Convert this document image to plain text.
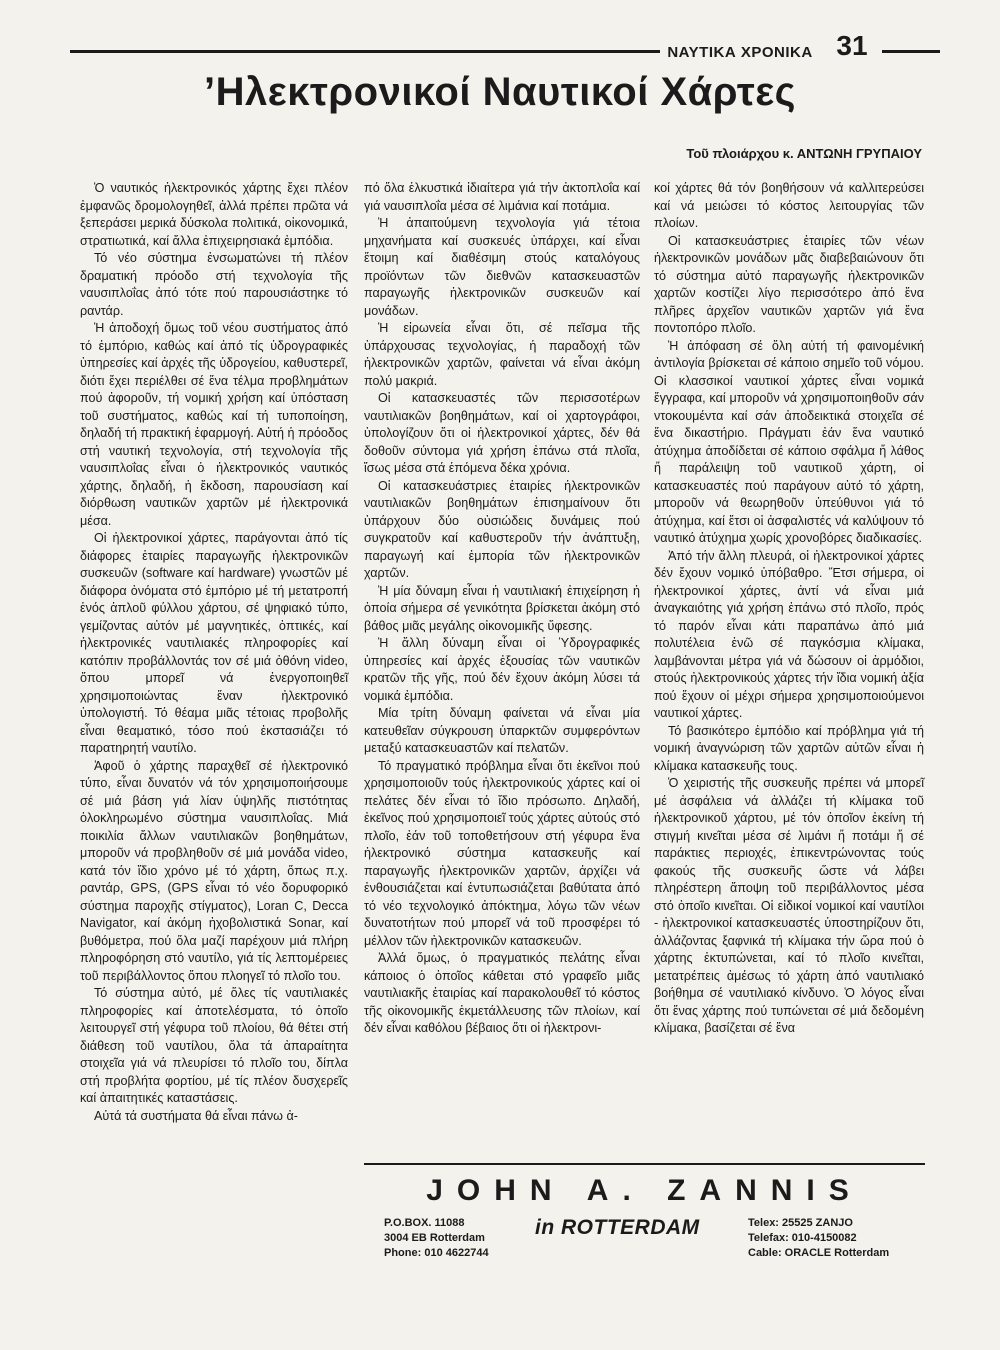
ΝΑΥΤΙΚΑ ΧΡΟΝΙΚΑ 31
’Ηλεκτρονικοί Ναυτικοί Χάρτες
Τοῦ πλοιάρχου κ. ΑΝΤΩΝΗ ΓΡΥΠΑΙΟΥ

Ὁ ναυτικός ἠλεκτρονικός χάρτης ἔχει πλέον ἐμφανῶς δρομολογηθεῖ, ἀλλά πρέπει πρῶτα νά ξεπεράσει μερικά δύσκολα πολιτικά, οἰκονομικά, στρατιωτικά, καί ἄλλα ἐπιχειρησιακά ἐμπόδια.

Τό νέο σύστημα ἐνσωματώνει τή πλέον δραματική πρόοδο στή τεχνολογία τῆς ναυσιπλοΐας ἀπό τότε πού παρουσιάστηκε τό ραντάρ.

Ἡ ἀποδοχή ὅμως τοῦ νέου συστήματος ἀπό τό ἐμπόριο, καθώς καί ἀπό τίς ὑδρογραφικές ὑπηρεσίες καί ἀρχές τῆς ὑδρογείου, καθυστερεῖ, διότι ἔχει περιέλθει σέ ἕνα τέλμα προβλημάτων πού ἀφοροῦν, τή νομική χρήση καί ὑπόσταση τοῦ συστήματος, καθώς καί τή τυποποίηση, δηλαδή τή πρακτική ἐφαρμογή. Αὐτή ἡ πρόοδος στή ναυτική τεχνολογία, στή τεχνολογία τῆς ναυσιπλοΐας εἶναι ὁ ἠλεκτρονικός ναυτικός χάρτης, δηλαδή, ἡ ἔκδοση, παρουσίαση καί διόρθωση ναυτικῶν χαρτῶν μέ ἠλεκτρονικά μέσα.

Οἱ ἠλεκτρονικοί χάρτες, παράγονται ἀπό τίς διάφορες ἑταιρίες παραγωγῆς ἠλεκτρονικῶν συσκευῶν (software καί hardware) γνωστῶν μέ διάφορα ὀνόματα στό ἐμπόριο μέ τή μετατροπή ἑνός ἁπλοῦ φύλλου χάρτου, σέ ψηφιακό τύπο, γεμίζοντας αὐτόν μέ μαγνητικές, ὀπτικές, καί ἠλεκτρονικές ναυτιλιακές πληροφορίες καί κατόπιν προβάλλοντάς τον σέ μιά ὀθόνη video, ὅπου μπορεῖ νά ἐνεργοποιηθεῖ χρησιμοποιώντας ἕναν ἠλεκτρονικό ὑπολογιστή. Τό θέαμα μιᾶς τέτοιας προβολῆς εἶναι θεαματικό, τόσο πού ἐκστασιάζει τό παρατηρητή ναυτίλο.

Ἀφοῦ ὁ χάρτης παραχθεῖ σέ ἠλεκτρονικό τύπο, εἶναι δυνατόν νά τόν χρησιμοποιήσουμε σέ μιά βάση γιά λίαν ὑψηλῆς πιστότητας ὁλοκληρωμένο σύστημα ναυσιπλοΐας. Μιά ποικιλία ἄλλων ναυτιλιακῶν βοηθημάτων, μποροῦν νά προβληθοῦν σέ μιά μονάδα video, κατά τόν ἴδιο χρόνο μέ τό χάρτη, ὅπως π.χ. ραντάρ, GPS, (GPS εἶναι τό νέο δορυφορικό σύστημα παροχῆς στίγματος), Loran C, Decca Navigator, καί ἀκόμη ἠχοβολιστικά Sonar, καί βυθόμετρα, πού ὅλα μαζί παρέχουν μιά πλήρη πληροφόρηση στό ναυτίλο, γιά τίς λεπτομέρειες τοῦ περιβάλλοντος ὅπου πλοηγεῖ τό πλοῖο του.

Τό σύστημα αὐτό, μέ ὅλες τίς ναυτιλιακές πληροφορίες καί ἀποτελέσματα, τό ὁποῖο λειτουργεῖ στή γέφυρα τοῦ πλοίου, θά θέτει στή διάθεση τοῦ ναυτίλου, ὅλα τά ἀπαραίτητα στοιχεῖα γιά νά πλευρίσει τό πλοῖο του, δίπλα στή προβλήτα φορτίου, μέ τίς πλέον δυσχερεῖς καί ἀπαιτητικές καταστάσεις.

Αὐτά τά συστήματα θά εἶναι πάνω ἀ-

πό ὅλα ἑλκυστικά ἰδιαίτερα γιά τήν ἀκτοπλοΐα καί γιά ναυσιπλοΐα μέσα σέ λιμάνια καί ποτάμια.

Ἡ ἀπαιτούμενη τεχνολογία γιά τέτοια μηχανήματα καί συσκευές ὑπάρχει, καί εἶναι ἕτοιμη καί διαθέσιμη στούς καταλόγους προϊόντων τῶν διεθνῶν κατασκευαστῶν παραγωγῆς ἠλεκτρονικῶν συσκευῶν καί μονάδων.

Ἡ εἰρωνεία εἶναι ὅτι, σέ πεῖσμα τῆς ὑπάρχουσας τεχνολογίας, ἡ παραδοχή τῶν ἠλεκτρονικῶν χαρτῶν, φαίνεται νά εἶναι ἀκόμη πολύ μακριά.

Οἱ κατασκευαστές τῶν περισσοτέρων ναυτιλιακῶν βοηθημάτων, καί οἱ χαρτογράφοι, ὑπολογίζουν ὅτι οἱ ἠλεκτρονικοί χάρτες, δέν θά δοθοῦν σύντομα γιά χρήση ἐπάνω στά πλοῖα, ἴσως μέσα στά ἑπόμενα δέκα χρόνια.

Οἱ κατασκευάστριες ἑταιρίες ἠλεκτρονικῶν ναυτιλιακῶν βοηθημάτων ἐπισημαίνουν ὅτι ὑπάρχουν δύο οὐσιώδεις δυνάμεις πού συγκρατοῦν καί καθυστεροῦν τήν ἀνάπτυξη, παραγωγή καί ἐμπορία τῶν ἠλεκτρονικῶν χαρτῶν.

Ἡ μία δύναμη εἶναι ἡ ναυτιλιακή ἐπιχείρηση ἡ ὁποία σήμερα σέ γενικότητα βρίσκεται ἀκόμη στό βάθος μιᾶς μεγάλης οἰκονομικῆς ὕφεσης.

Ἡ ἄλλη δύναμη εἶναι οἱ Ὑδρογραφικές ὑπηρεσίες καί ἀρχές ἐξουσίας τῶν ναυτικῶν κρατῶν τῆς γῆς, πού δέν ἔχουν ἀκόμη λύσει τά νομικά ἐμπόδια.

Μία τρίτη δύναμη φαίνεται νά εἶναι μία κατευθεῖαν σύγκρουση ὑπαρκτῶν συμφερόντων μεταξύ κατασκευαστῶν καί πελατῶν.

Τό πραγματικό πρόβλημα εἶναι ὅτι ἐκεῖνοι πού χρησιμοποιοῦν τούς ἠλεκτρονικούς χάρτες καί οἱ πελάτες δέν εἶναι τό ἴδιο πρόσωπο. Δηλαδή, ἐκεῖνος πού χρησιμοποιεῖ τούς χάρτες αὐτούς στό πλοῖο, ἐάν τοῦ τοποθετήσουν στή γέφυρα ἕνα ἠλεκτρονικό σύστημα κατασκευῆς καί παραγωγῆς ἠλεκτρονικῶν χαρτῶν, ἀρχίζει νά ἐνθουσιάζεται καί ἐντυπωσιάζεται βαθύτατα ἀπό τό νέο τεχνολογικό ἀπόκτημα, λόγω τῶν νέων δυνατοτήτων πού μπορεῖ νά τοῦ προσφέρει τό μέλλον τῶν ἠλεκτρονικῶν κατασκευῶν.

Ἀλλά ὅμως, ὁ πραγματικός πελάτης εἶναι κάποιος ὁ ὁποῖος κάθεται στό γραφεῖο μιᾶς ναυτιλιακῆς ἑταιρίας καί παρακολουθεῖ τό κόστος τῆς οἰκονομικῆς ἐκμετάλλευσης τῶν πλοίων, καί δέν εἶναι καθόλου βέβαιος ὅτι οἱ ἠλεκτρονι-

κοί χάρτες θά τόν βοηθήσουν νά καλλιτερεύσει καί νά μειώσει τό κόστος λειτουργίας τῶν πλοίων.

Οἱ κατασκευάστριες ἑταιρίες τῶν νέων ἠλεκτρονικῶν μονάδων μᾶς διαβεβαιώνουν ὅτι τό σύστημα αὐτό παραγωγῆς ἠλεκτρονικῶν χαρτῶν κοστίζει λίγο περισσότερο ἀπό ἕνα πλῆρες ἀρχεῖον ναυτικῶν χαρτῶν γιά ἕνα ποντοπόρο πλοῖο.

Ἡ ἀπόφαση σέ ὅλη αὐτή τή φαινομένική ἀντιλογία βρίσκεται σέ κάποιο σημεῖο τοῦ νόμου. Οἱ κλασσικοί ναυτικοί χάρτες εἶναι νομικά ἔγγραφα, καί μποροῦν νά χρησιμοποιηθοῦν σάν ντοκουμέντα καί σάν ἀποδεικτικά στοιχεῖα σέ ἕνα δικαστήριο. Πράγματι ἐάν ἕνα ναυτικό ἀτύχημα ἀποδίδεται σέ κάποιο σφάλμα ἤ λάθος ἤ παράλειψη τοῦ ναυτικοῦ χάρτη, οἱ κατασκευαστές πού παράγουν αὐτό τό χάρτη, μποροῦν νά θεωρηθοῦν ὑπεύθυνοι γιά τό ἀτύχημα, καί ἔτσι οἱ ἀσφαλιστές νά καλύψουν τό ναυτικό ἀτύχημα χωρίς χρονοβόρες διαδικασίες.

Ἀπό τήν ἄλλη πλευρά, οἱ ἠλεκτρονικοί χάρτες δέν ἔχουν νομικό ὑπόβαθρο. Ἔτσι σήμερα, οἱ ἠλεκτρονικοί χάρτες, ἀντί νά εἶναι μιά ἀναγκαιότης γιά χρήση ἐπάνω στό πλοῖο, πρός τό παρόν εἶναι κάτι παραπάνω ἀπό μιά πολυτέλεια ἐνῶ σέ παγκόσμια κλίμακα, λαμβάνονται μέτρα γιά νά δώσουν οἱ ἁρμόδιοι, στούς ἠλεκτρονικούς χάρτες τήν ἴδια νομική ἀξία πού ἔχουν οἱ μέχρι σήμερα χρησιμοποιούμενοι ναυτικοί χάρτες.

Τό βασικότερο ἐμπόδιο καί πρόβλημα γιά τή νομική ἀναγνώριση τῶν χαρτῶν αὐτῶν εἶναι ἡ κλίμακα κατασκευῆς τους.

Ὁ χειριστής τῆς συσκευῆς πρέπει νά μπορεῖ μέ ἀσφάλεια νά ἀλλάζει τή κλίμακα τοῦ ἠλεκτρονικοῦ χάρτου, μέ τόν ὁποῖον ἐκείνη τή στιγμή κινεῖται μέσα σέ λιμάνι ἤ ποτάμι ἤ σέ παράκτιες περιοχές, ἐπικεντρώνοντας τούς φακούς τῆς συσκευῆς ὥστε νά λάβει πληρέστερη ἄποψη τοῦ περιβάλλοντος μέσα στό ὁποῖο κινεῖται. Οἱ εἰδικοί νομικοί καί ναυτίλοι - ἠλεκτρονικοί κατασκευαστές ὑποστηρίζουν ὅτι, ἀλλάζοντας ξαφνικά τή κλίμακα τήν ὥρα πού ὁ χάρτης ἐκτυπώνεται, καί τό πλοῖο κινεῖται, μετατρέπεις ἀμέσως τό χάρτη ἀπό ναυτιλιακό βοήθημα σέ ναυτιλιακό κίνδυνο. Ὁ λόγος εἶναι ὅτι ἕνας χάρτης πού τυπώνεται σέ μιά δεδομένη κλίμακα, βασίζεται σέ ἕνα

JOHN A. ZANNIS
P.O.BOX. 11088
3004 EB Rotterdam
Phone: 010 4622744
in ROTTERDAM	Telex: 25525 ZANJO
Telefax: 010-4150082
Cable: ORACLE Rotterdam
